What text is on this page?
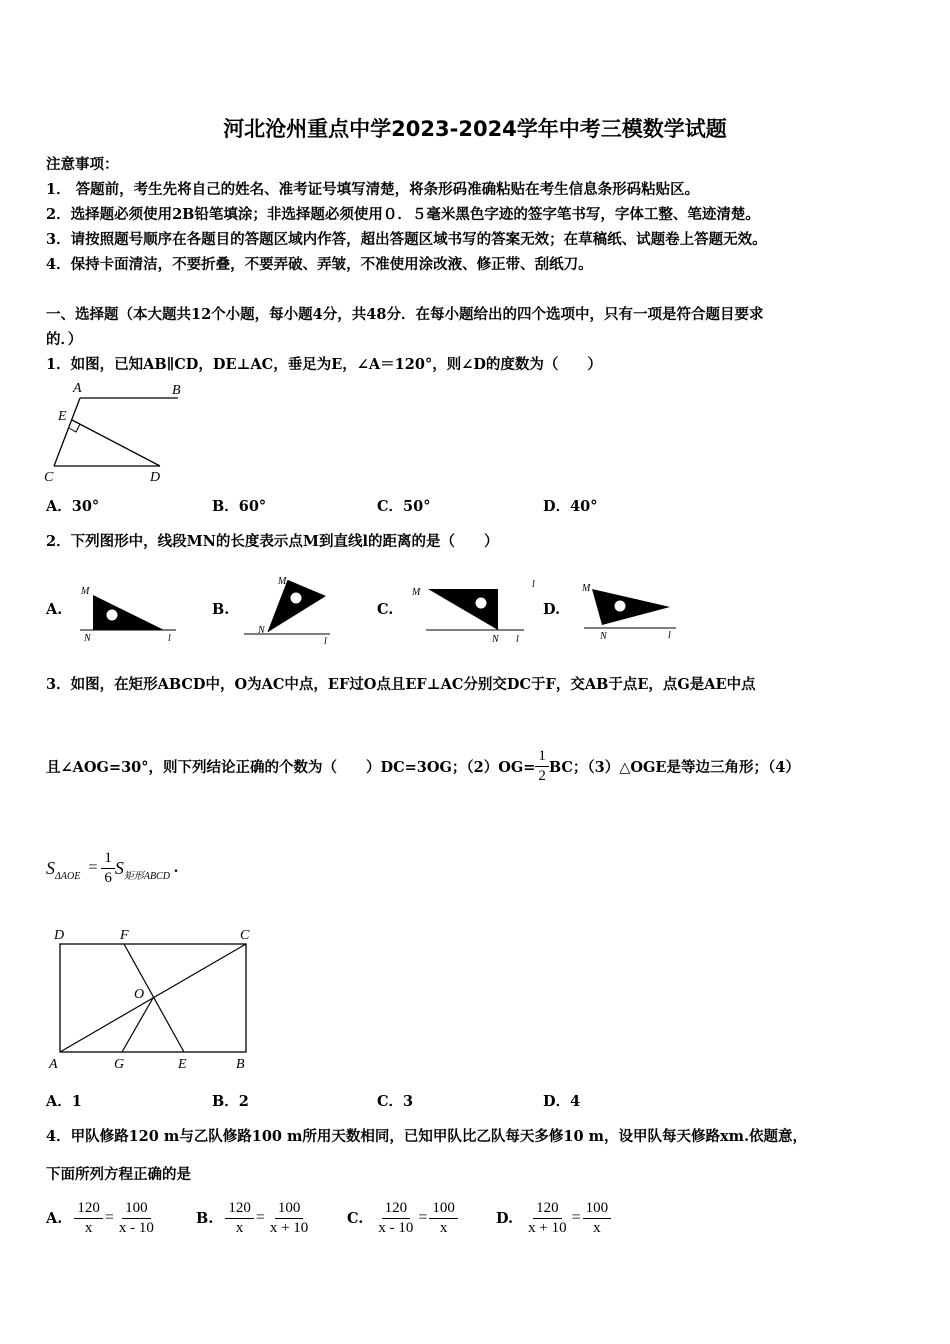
河北沧州重点中学2023-2024学年中考三模数学试题
注意事项：
1． 答题前，考生先将自己的姓名、准考证号填写清楚，将条形码准确粘贴在考生信息条形码粘贴区。
2．选择题必须使用2B铅笔填涂；非选择题必须使用０．５毫米黑色字迹的签字笔书写，字体工整、笔迹清楚。
3．请按照题号顺序在各题目的答题区域内作答，超出答题区域书写的答案无效；在草稿纸、试题卷上答题无效。
4．保持卡面清洁，不要折叠，不要弄破、弄皱，不准使用涂改液、修正带、刮纸刀。
一、选择题（本大题共12个小题，每小题4分，共48分．在每小题给出的四个选项中，只有一项是符合题目要求
的．）
1．如图，已知AB∥CD，DE⊥AC，垂足为E，∠A＝120°，则∠D的度数为（　　）
A	B
E
C	D
A．30°	B．60°	C．50°	D．40°
2．下列图形中，线段MN的长度表示点M到直线l的距离的是（　　）
A.
M
N	l
B.
M
N
l
C.
M
N l
l
D.
M
N	l
3．如图，在矩形ABCD中，O为AC中点，EF过O点且EF⊥AC分别交DC于F，交AB于点E，点G是AE中点
且∠AOG=30°，则下列结论正确的个数为（　　）DC=3OG；$(2)OG= \frac{1}{2}$ BC；（3）△OGE是等边三角形；（4）
S ΔAOE
= $\frac{1}{6}$ S 矩形ABCD
.
D	F	C
O
A	G	E	B
A．1	B．2	C．3	D．4
4．甲队修路120 m与乙队修路100 m所用天数相同，已知甲队比乙队每天多修10 m，设甲队每天修路xm.依题意，
下面所列方程正确的是
A. $\frac{120}{x} = \frac{100}{x - 10}$	B. $\frac{120}{x} = \frac{100}{x + 10} C$. $\frac{120}{x - 10} = \frac{100}{x}$	D. $\frac{120}{x + 10} = \frac{100}{x}$
